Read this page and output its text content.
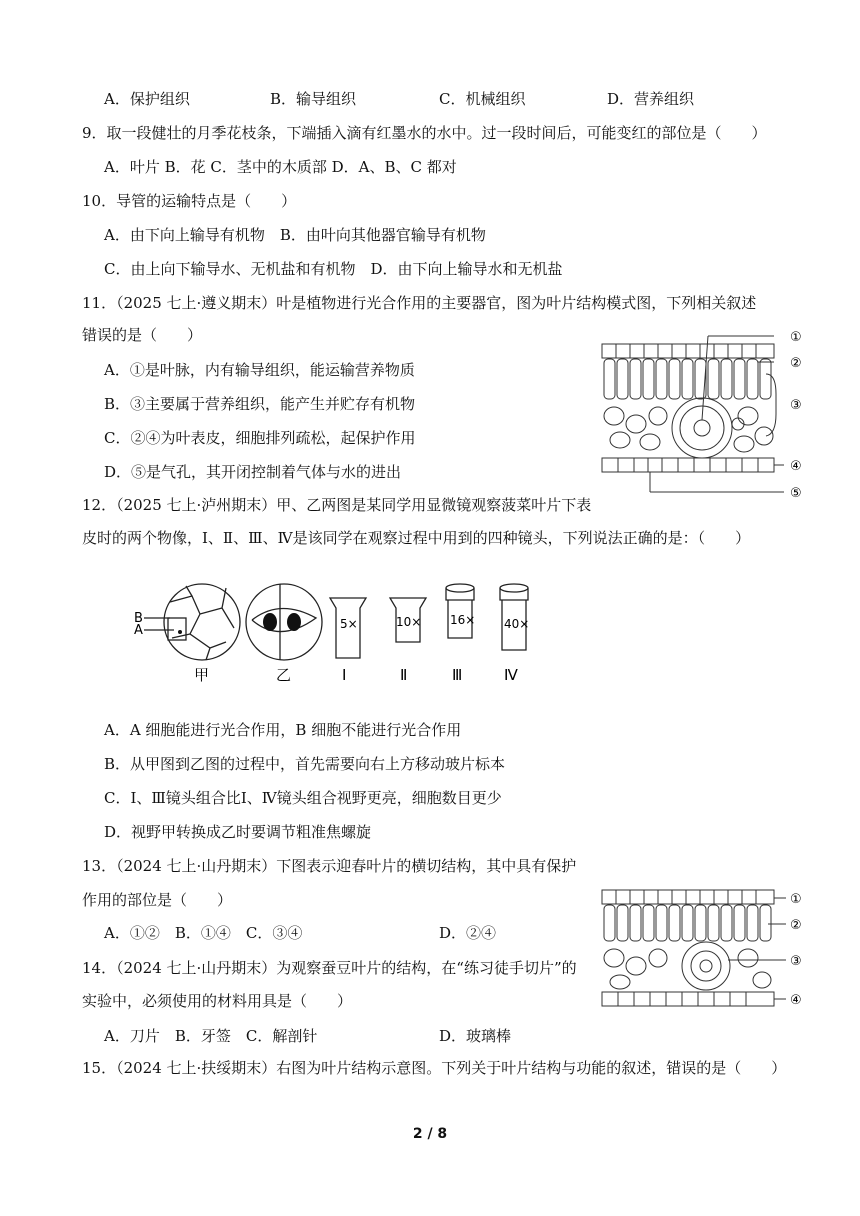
A．保护组织	B．输导组织	C．机械组织	D．营养组织
9．取一段健壮的月季花枝条，下端插入滴有红墨水的水中。过一段时间后，可能变红的部位是（　　）
A．叶片 B．花 C．茎中的木质部 D．A、B、C 都对
10．导管的运输特点是（　　）
A．由下向上输导有机物　B．由叶向其他器官输导有机物
C．由上向下输导水、无机盐和有机物　D．由下向上输导水和无机盐
11．（2025 七上·遵义期末）叶是植物进行光合作用的主要器官，图为叶片结构模式图，下列相关叙述
错误的是（　　）
A．①是叶脉，内有输导组织，能运输营养物质
B．③主要属于营养组织，能产生并贮存有机物
C．②④为叶表皮，细胞排列疏松，起保护作用
D．⑤是气孔，其开闭控制着气体与水的进出
①
②
③
④
⑤
12．（2025 七上·泸州期末）甲、乙两图是某同学用显微镜观察菠菜叶片下表
皮时的两个物像，Ⅰ、Ⅱ、Ⅲ、Ⅳ是该同学在观察过程中用到的四种镜头，下列说法正确的是：（　　）
B
A
甲	乙
5×	10× 16× 40×
Ⅰ	Ⅱ	Ⅲ	Ⅳ
A．A 细胞能进行光合作用，B 细胞不能进行光合作用
B．从甲图到乙图的过程中，首先需要向右上方移动玻片标本
C．Ⅰ、Ⅲ镜头组合比Ⅰ、Ⅳ镜头组合视野更亮，细胞数目更少
D．视野甲转换成乙时要调节粗准焦螺旋
13．（2024 七上·山丹期末）下图表示迎春叶片的横切结构，其中具有保护
作用的部位是（　　）
A．①②　B．①④　C．③④	D．②④
①
②
③
④
14．（2024 七上·山丹期末）为观察蚕豆叶片的结构，在“练习徒手切片”的
实验中，必须使用的材料用具是（　　）
A．刀片　B．牙签　C．解剖针	D．玻璃棒
15．（2024 七上·扶绥期末）右图为叶片结构示意图。下列关于叶片结构与功能的叙述，错误的是（　　）
2 / 8
